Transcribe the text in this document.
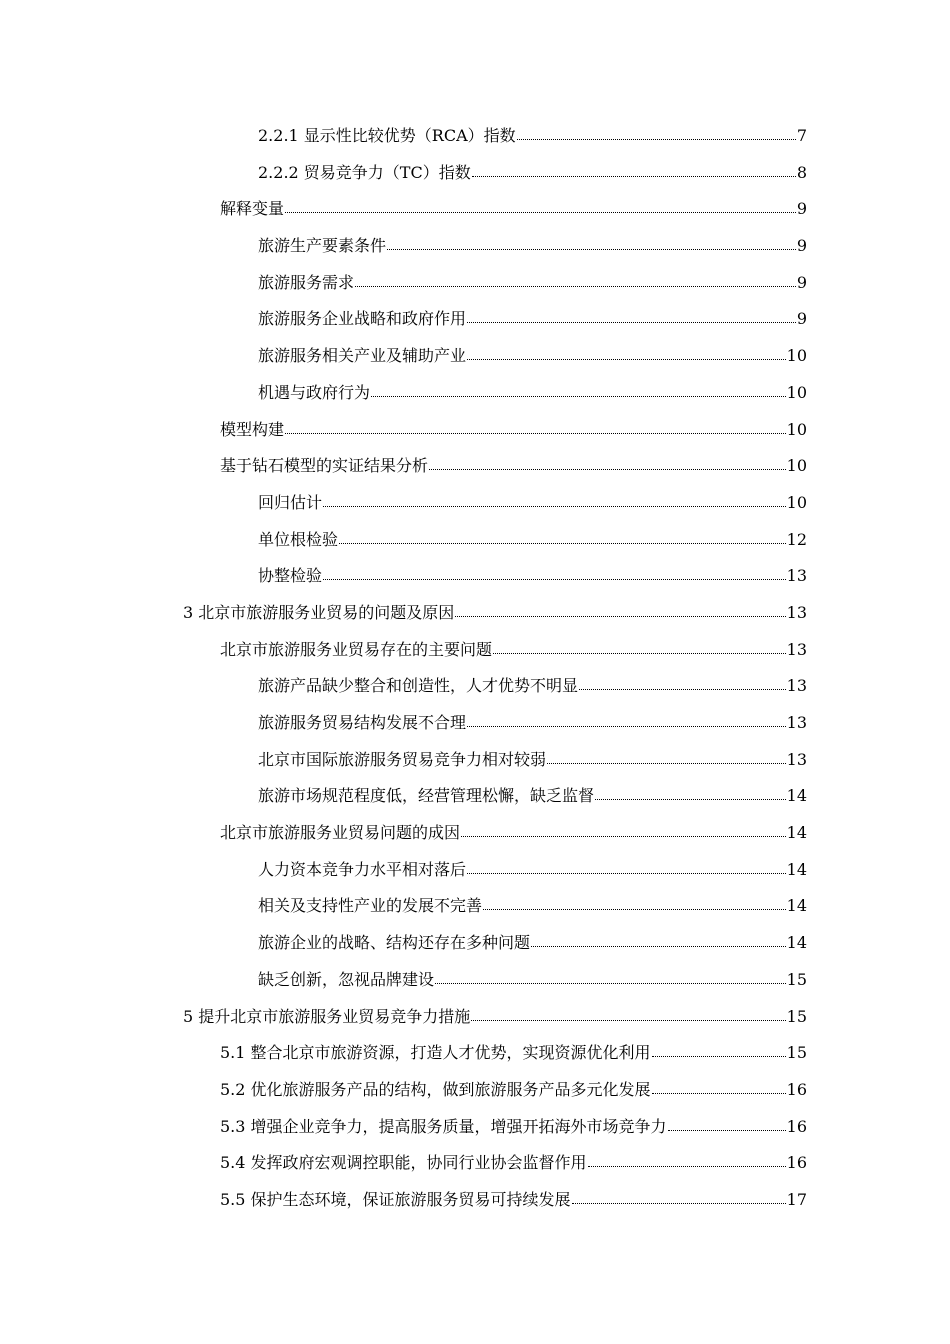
2.2.1 显示性比较优势（RCA）指数	7
2.2.2 贸易竞争力（TC）指数	8
解释变量	9
旅游生产要素条件	9
旅游服务需求	9
旅游服务企业战略和政府作用	9
旅游服务相关产业及辅助产业	10
机遇与政府行为	10
模型构建	10
基于钻石模型的实证结果分析	10
回归估计	10
单位根检验	12
协整检验	13
3 北京市旅游服务业贸易的问题及原因	13
北京市旅游服务业贸易存在的主要问题	13
旅游产品缺少整合和创造性，人才优势不明显	13
旅游服务贸易结构发展不合理	13
北京市国际旅游服务贸易竞争力相对较弱	13
旅游市场规范程度低，经营管理松懈，缺乏监督	14
北京市旅游服务业贸易问题的成因	14
人力资本竞争力水平相对落后	14
相关及支持性产业的发展不完善	14
旅游企业的战略、结构还存在多种问题	14
缺乏创新，忽视品牌建设	15
5 提升北京市旅游服务业贸易竞争力措施	15
5.1 整合北京市旅游资源，打造人才优势，实现资源优化利用	15
5.2 优化旅游服务产品的结构，做到旅游服务产品多元化发展	16
5.3 增强企业竞争力，提高服务质量，增强开拓海外市场竞争力	16
5.4 发挥政府宏观调控职能，协同行业协会监督作用	16
5.5 保护生态环境，保证旅游服务贸易可持续发展	17
